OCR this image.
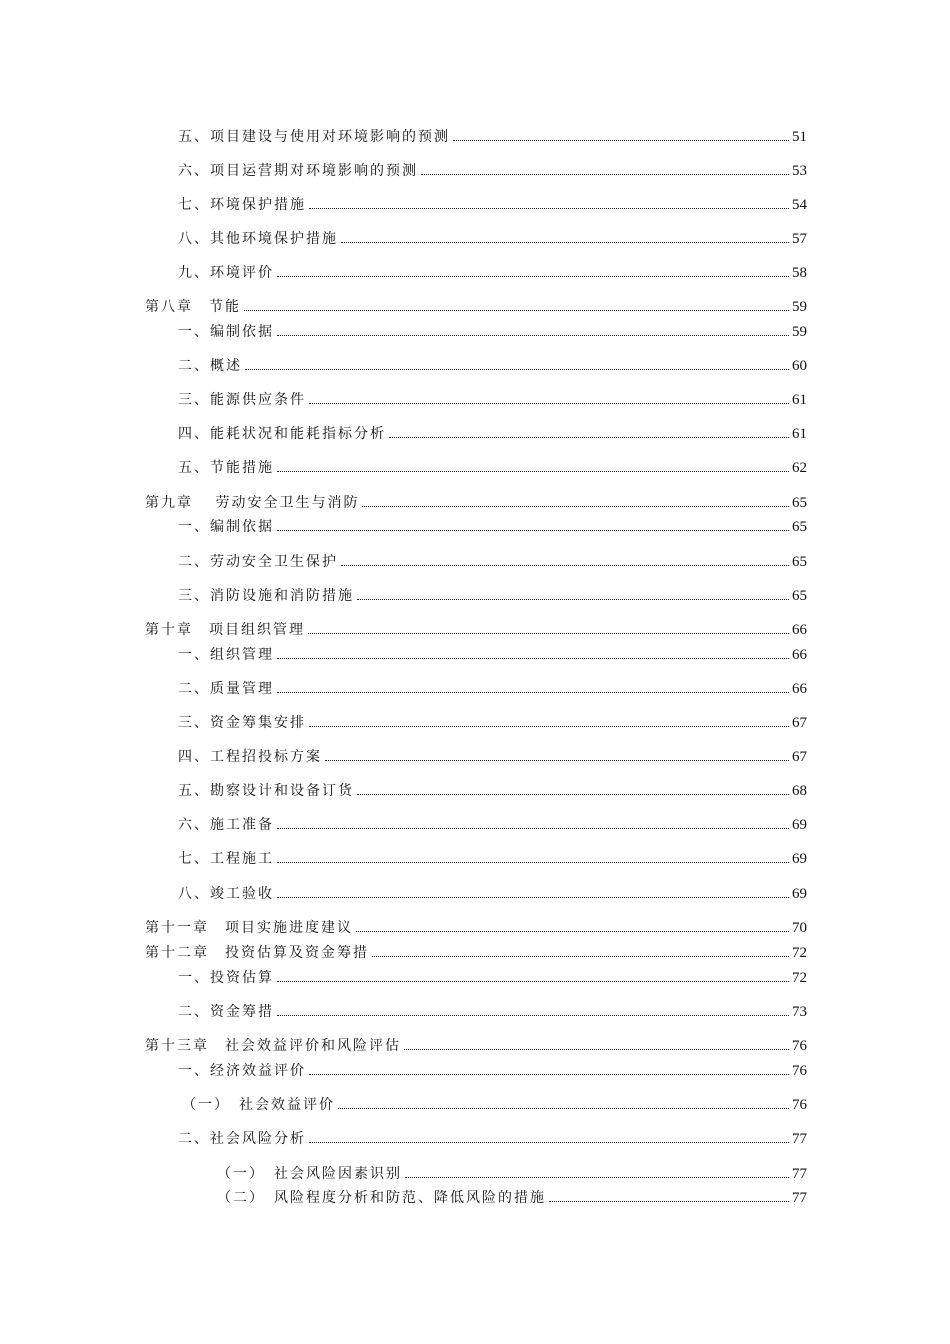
五、项目建设与使用对环境影响的预测	51
六、项目运营期对环境影响的预测	53
七、环境保护措施	54
八、其他环境保护措施	57
九、环境评价	58
第八章　节能	59
一、编制依据	59
二、概述	60
三、能源供应条件	61
四、能耗状况和能耗指标分析	61
五、节能措施	62
第九章　 劳动安全卫生与消防	65
一、编制依据	65
二、劳动安全卫生保护	65
三、消防设施和消防措施	65
第十章　项目组织管理	66
一、组织管理	66
二、质量管理	66
三、资金筹集安排	67
四、工程招投标方案	67
五、勘察设计和设备订货	68
六、施工准备	69
七、工程施工	69
八、竣工验收	69
第十一章　项目实施进度建议	70
第十二章　投资估算及资金筹措	72
一、投资估算	72
二、资金筹措	73
第十三章　社会效益评价和风险评估	76
一、经济效益评价	76
（一）　社会效益评价	76
二、社会风险分析	77
（一）　社会风险因素识别	77
（二）　风险程度分析和防范、降低风险的措施	77
